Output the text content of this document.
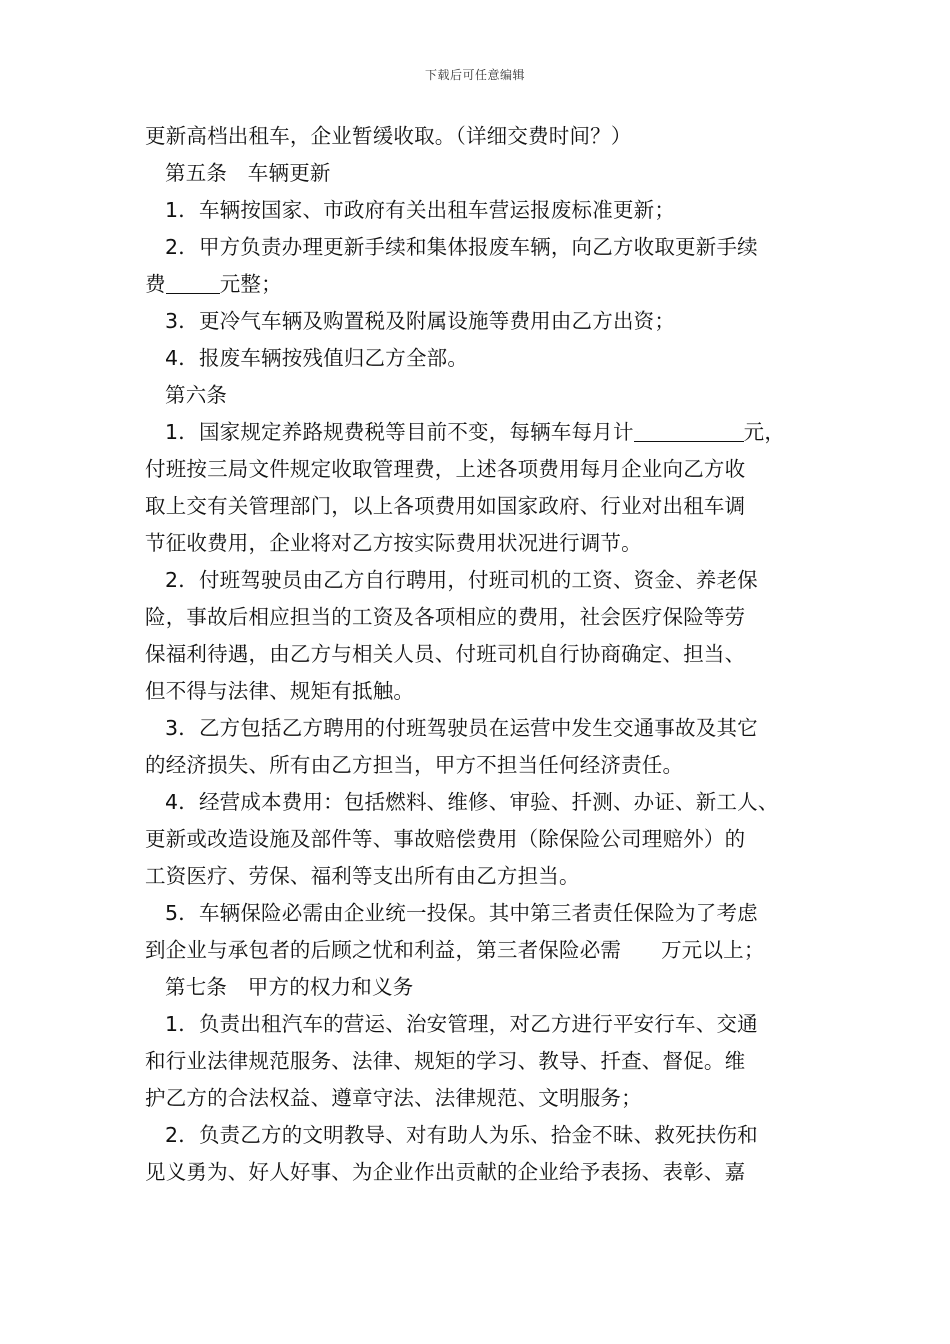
下载后可任意编辑
更新高档出租车，企业暂缓收取。（详细交费时间？）
第五条　车辆更新
1．车辆按国家、市政府有关出租车营运报废标准更新；
2．甲方负责办理更新手续和集体报废车辆，向乙方收取更新手续
费	元整；
3．更冷气车辆及购置税及附属设施等费用由乙方出资；
4．报废车辆按残值归乙方全部。
第六条
1．国家规定养路规费税等目前不变，每辆车每月计	元，
付班按三局文件规定收取管理费，上述各项费用每月企业向乙方收
取上交有关管理部门，以上各项费用如国家政府、行业对出租车调
节征收费用，企业将对乙方按实际费用状况进行调节。
2．付班驾驶员由乙方自行聘用，付班司机的工资、资金、养老保
险，事故后相应担当的工资及各项相应的费用，社会医疗保险等劳
保福利待遇，由乙方与相关人员、付班司机自行协商确定、担当、
但不得与法律、规矩有抵触。
3．乙方包括乙方聘用的付班驾驶员在运营中发生交通事故及其它
的经济损失、所有由乙方担当，甲方不担当任何经济责任。
4．经营成本费用：包括燃料、维修、审验、扦测、办证、新工人、
更新或改造设施及部件等、事故赔偿费用（除保险公司理赔外）的
工资医疗、劳保、福利等支出所有由乙方担当。
5．车辆保险必需由企业统一投保。其中第三者责任保险为了考虑
到企业与承包者的后顾之忧和利益，第三者保险必需 万元以上；
第七条　甲方的权力和义务
1．负责出租汽车的营运、治安管理，对乙方进行平安行车、交通
和行业法律规范服务、法律、规矩的学习、教导、扦查、督促。维
护乙方的合法权益、遵章守法、法律规范、文明服务；
2．负责乙方的文明教导、对有助人为乐、拾金不昧、救死扶伤和
见义勇为、好人好事、为企业作出贡献的企业给予表扬、表彰、嘉
